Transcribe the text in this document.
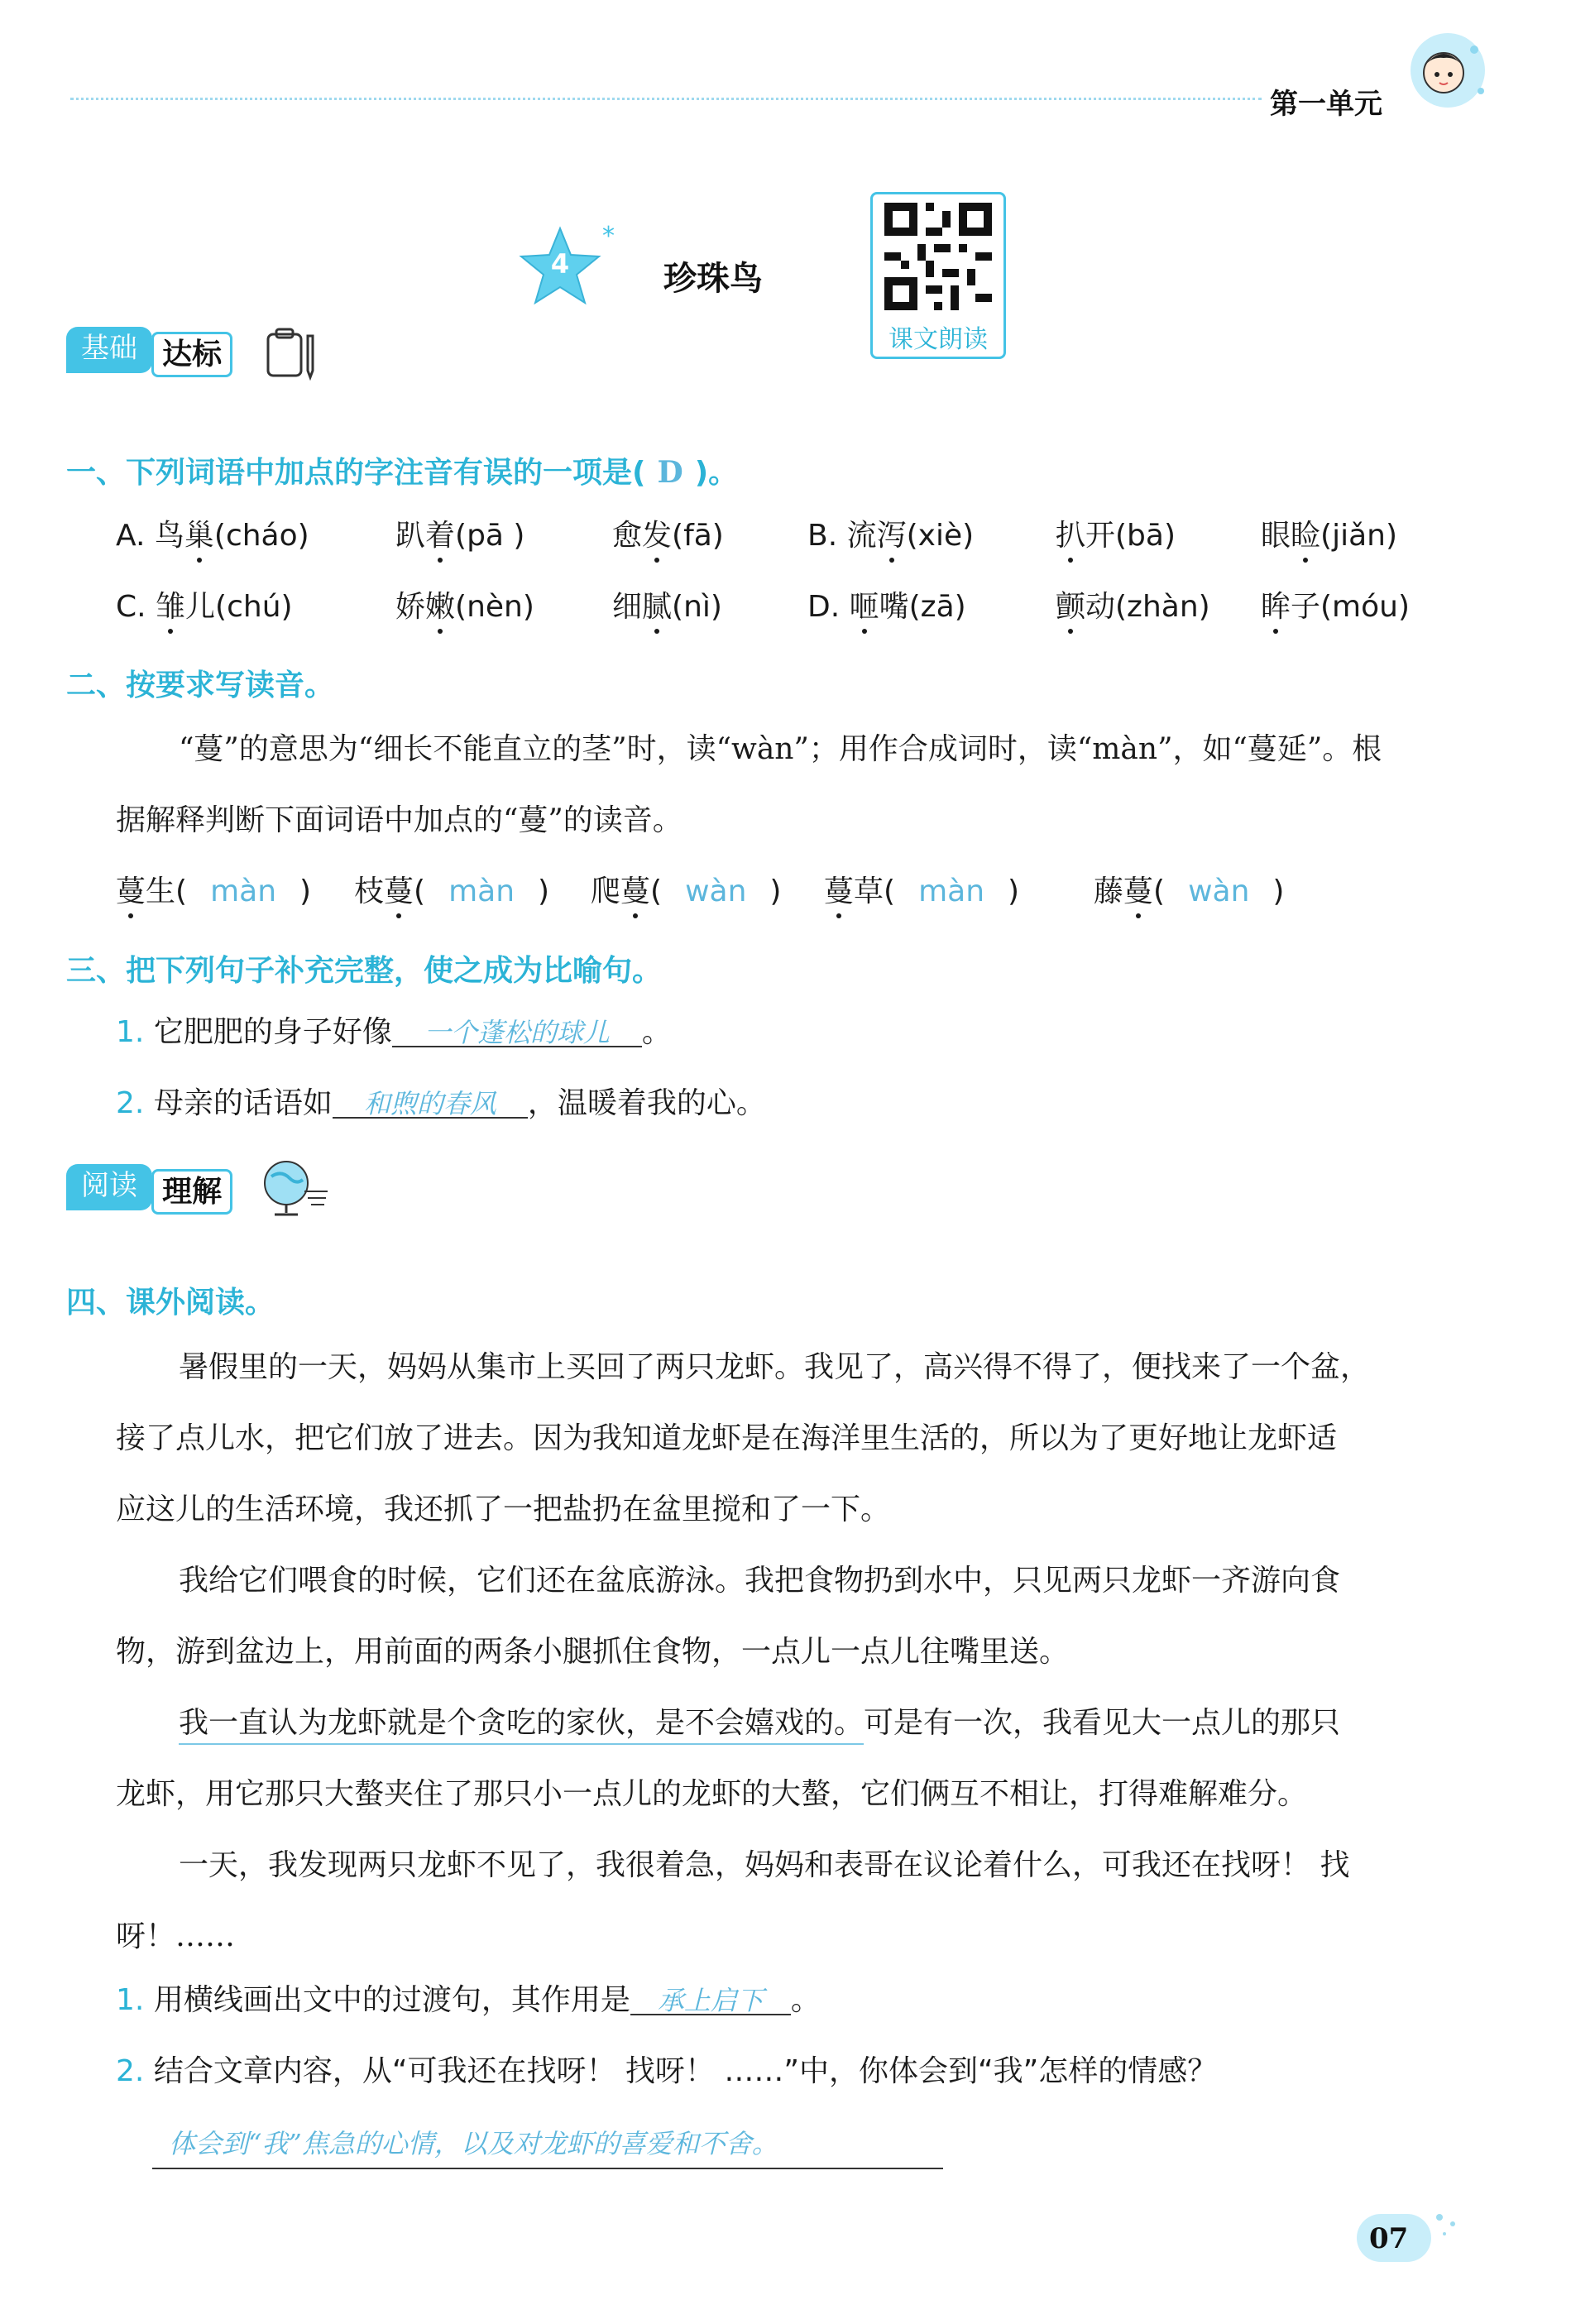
第一单元
4
*
珍珠鸟
课文朗读
基础 达标
一、下列词语中加点的字注音有误的一项是( D )。
A. 鸟巢(cháo)	趴着(pā )	愈发(fā)	B. 流泻(xiè)	扒开(bā)	眼睑(jiǎn)
C. 雏儿(chú)	娇嫩(nèn)	细腻(nì)	D. 咂嘴(zā)	颤动(zhàn) 眸子(móu)
二、按要求写读音。
“蔓”的意思为“细长不能直立的茎”时，读“wàn”；用作合成词时，读“màn”，如“蔓延”。根
据解释判断下面词语中加点的“蔓”的读音。
蔓生( màn ) 枝蔓( màn ) 爬蔓( wàn ) 蔓草( màn ) 藤蔓( wàn )
三、把下列句子补充完整，使之成为比喻句。
1. 它肥肥的身子好像 一个蓬松的球儿 。
2. 母亲的话语如 和煦的春风 ，温暖着我的心。
阅读 理解
四、课外阅读。
暑假里的一天，妈妈从集市上买回了两只龙虾。我见了，高兴得不得了，便找来了一个盆，
接了点儿水，把它们放了进去。因为我知道龙虾是在海洋里生活的，所以为了更好地让龙虾适
应这儿的生活环境，我还抓了一把盐扔在盆里搅和了一下。
我给它们喂食的时候，它们还在盆底游泳。我把食物扔到水中，只见两只龙虾一齐游向食
物，游到盆边上，用前面的两条小腿抓住食物，一点儿一点儿往嘴里送。
我一直认为龙虾就是个贪吃的家伙，是不会嬉戏的。可是有一次，我看见大一点儿的那只
龙虾，用它那只大螯夹住了那只小一点儿的龙虾的大螯，它们俩互不相让，打得难解难分。
一天，我发现两只龙虾不见了，我很着急，妈妈和表哥在议论着什么，可我还在找呀！ 找
呀！……
1. 用横线画出文中的过渡句，其作用是 承上启下 。
2. 结合文章内容，从“可我还在找呀！ 找呀！ ……”中，你体会到“我”怎样的情感？
体会到“我”焦急的心情，以及对龙虾的喜爱和不舍。
07
